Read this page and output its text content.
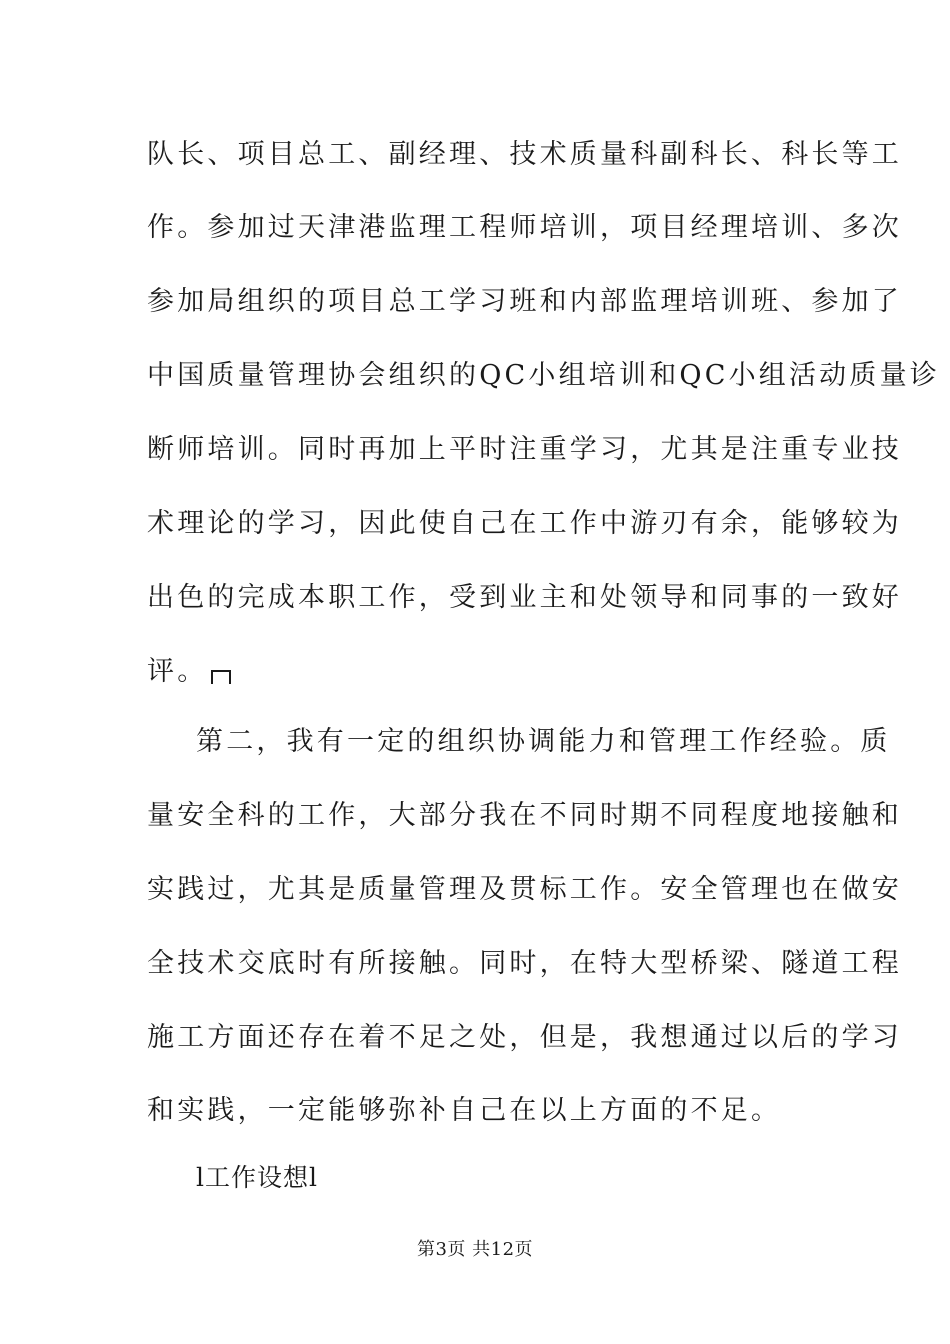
队长、项目总工、副经理、技术质量科副科长、科长等工
作。参加过天津港监理工程师培训，项目经理培训、多次
参加局组织的项目总工学习班和内部监理培训班、参加了
中国质量管理协会组织的QC小组培训和QC小组活动质量诊
断师培训。同时再加上平时注重学习，尤其是注重专业技
术理论的学习，因此使自己在工作中游刃有余，能够较为
出色的完成本职工作，受到业主和处领导和同事的一致好
评。
第二，我有一定的组织协调能力和管理工作经验。质
量安全科的工作，大部分我在不同时期不同程度地接触和
实践过，尤其是质量管理及贯标工作。安全管理也在做安
全技术交底时有所接触。同时，在特大型桥梁、隧道工程
施工方面还存在着不足之处，但是，我想通过以后的学习
和实践，一定能够弥补自己在以上方面的不足。
l工作设想l
第3页 共12页
